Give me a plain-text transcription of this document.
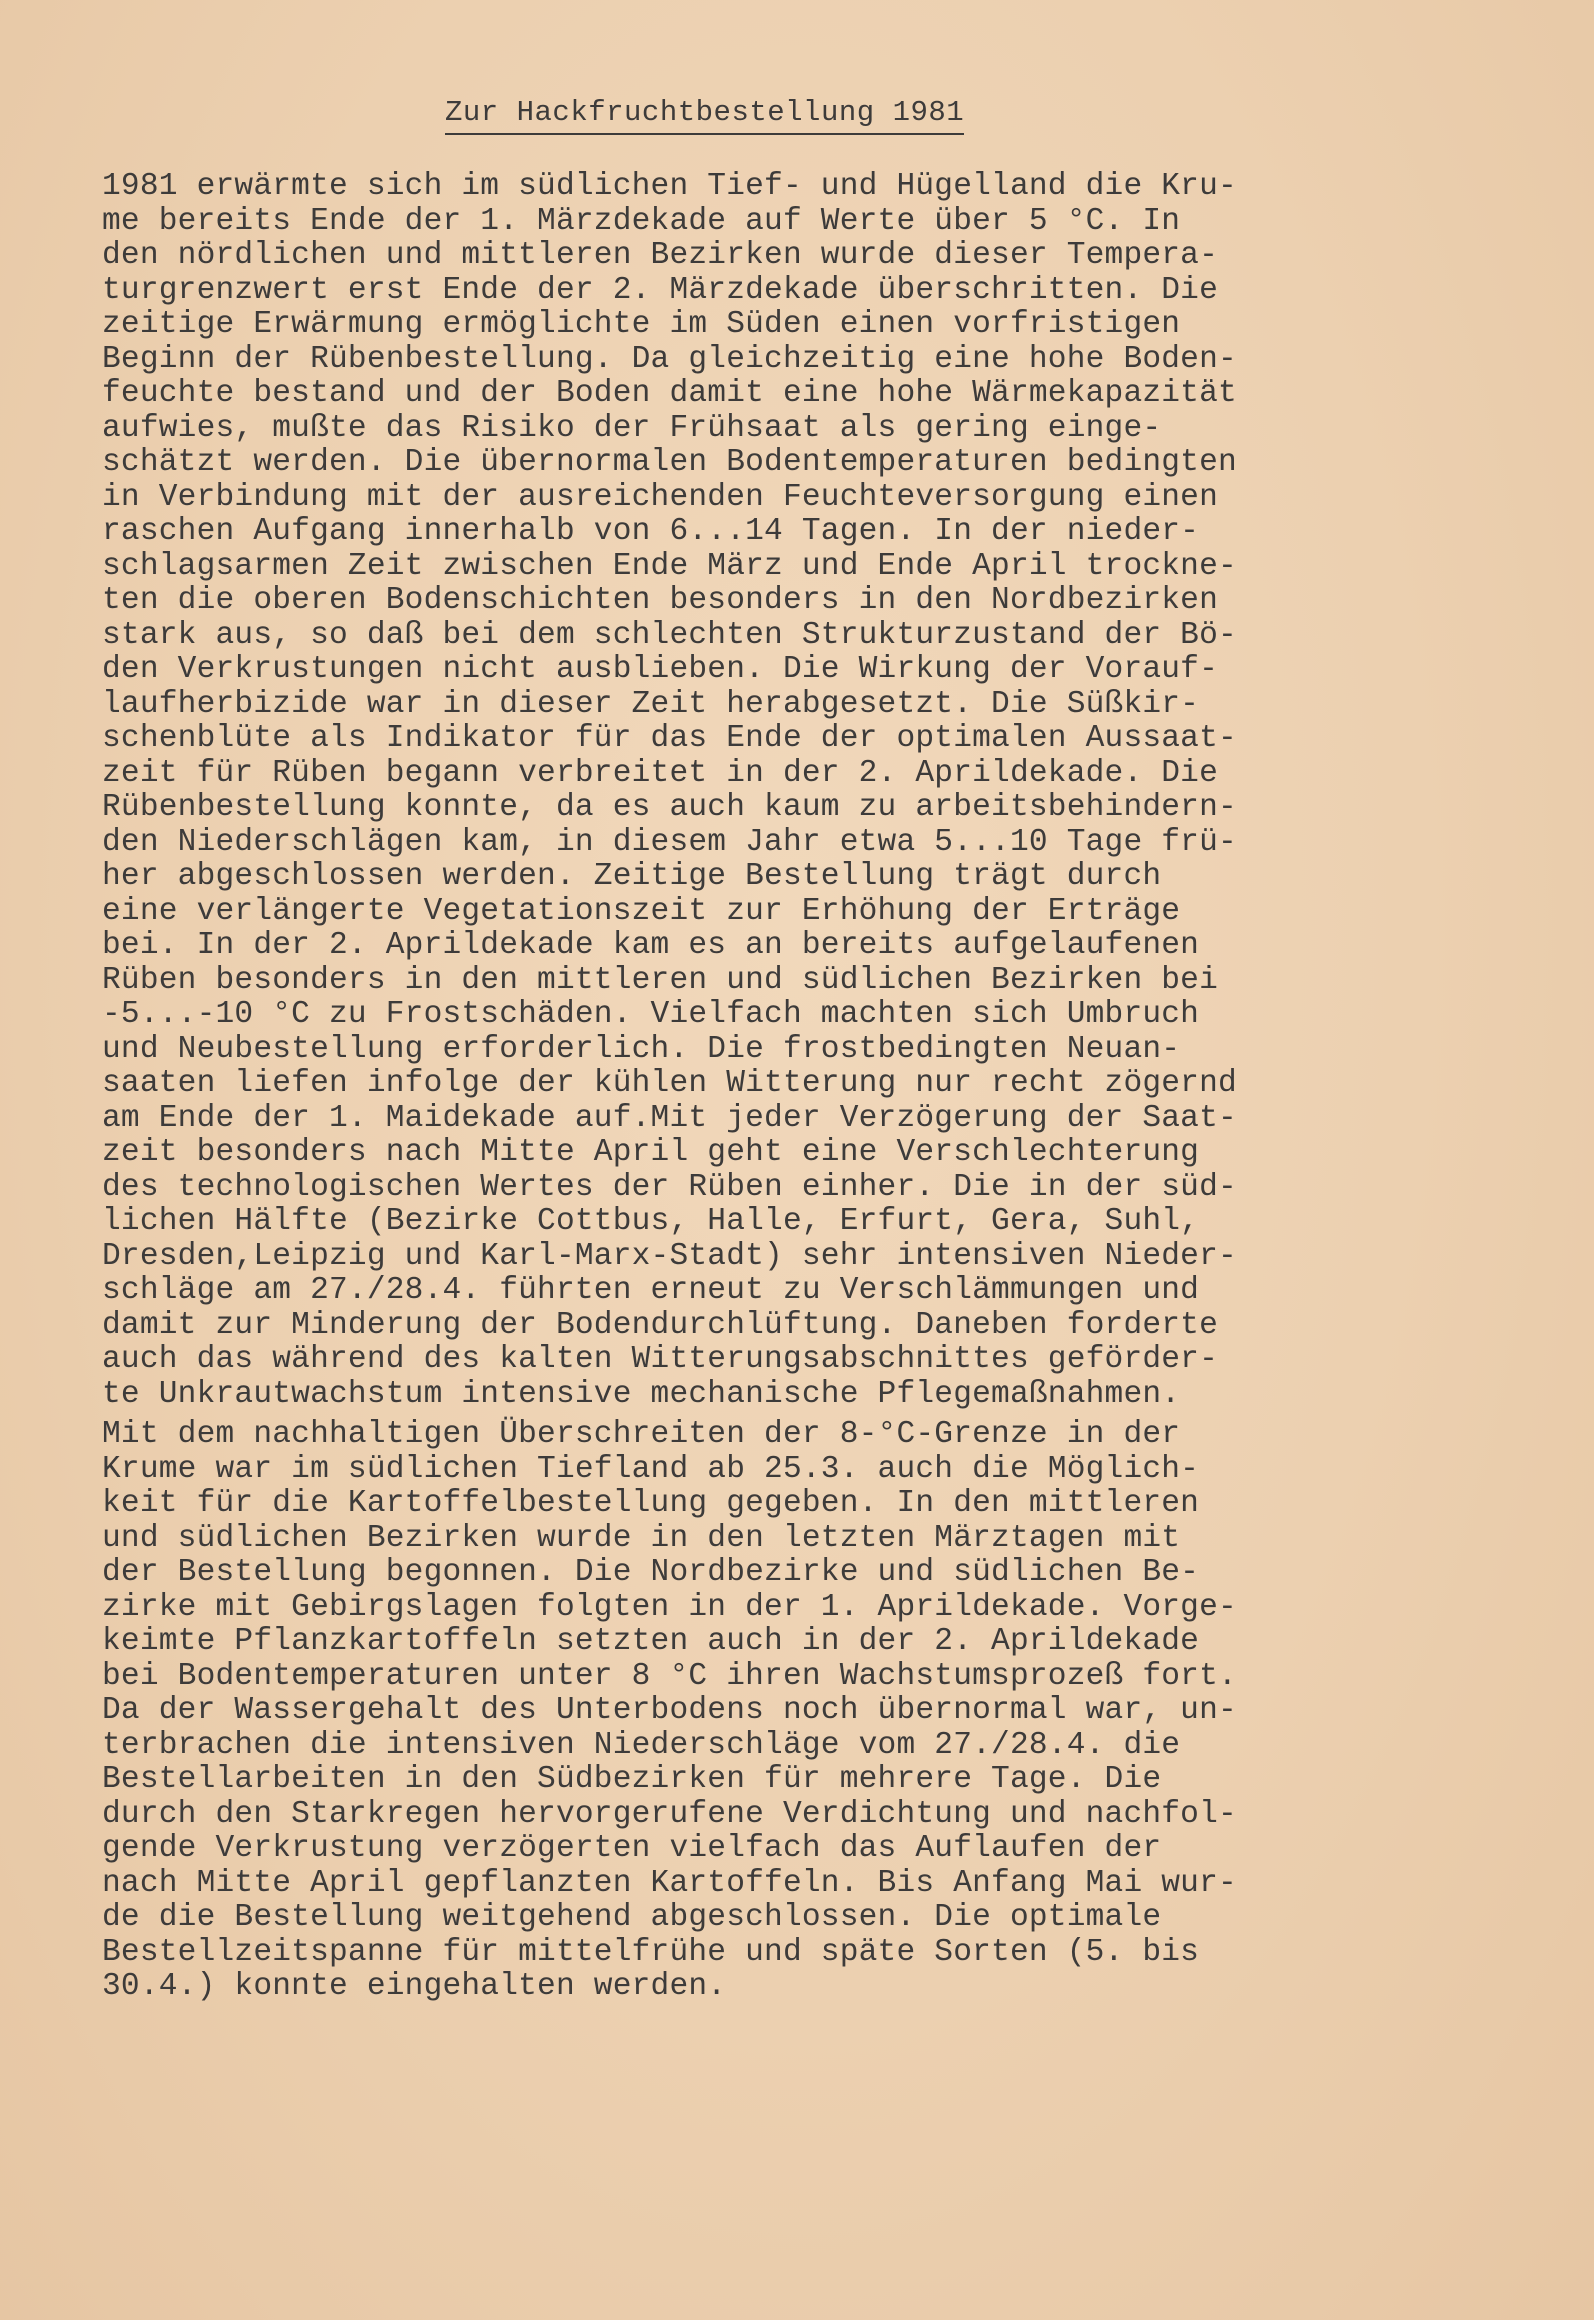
Zur Hackfruchtbestellung 1981
1981 erwärmte sich im südlichen Tief- und Hügelland die Kru-
me bereits Ende der 1. Märzdekade auf Werte über 5 °C. In
den nördlichen und mittleren Bezirken wurde dieser Tempera-
turgrenzwert erst Ende der 2. Märzdekade überschritten. Die
zeitige Erwärmung ermöglichte im Süden einen vorfristigen
Beginn der Rübenbestellung. Da gleichzeitig eine hohe Boden-
feuchte bestand und der Boden damit eine hohe Wärmekapazität
aufwies, mußte das Risiko der Frühsaat als gering einge-
schätzt werden. Die übernormalen Bodentemperaturen bedingten
in Verbindung mit der ausreichenden Feuchteversorgung einen
raschen Aufgang innerhalb von 6...14 Tagen. In der nieder-
schlagsarmen Zeit zwischen Ende März und Ende April trockne-
ten die oberen Bodenschichten besonders in den Nordbezirken
stark aus, so daß bei dem schlechten Strukturzustand der Bö-
den Verkrustungen nicht ausblieben. Die Wirkung der Vorauf-
laufherbizide war in dieser Zeit herabgesetzt. Die Süßkir-
schenblüte als Indikator für das Ende der optimalen Aussaat-
zeit für Rüben begann verbreitet in der 2. Aprildekade. Die
Rübenbestellung konnte, da es auch kaum zu arbeitsbehindern-
den Niederschlägen kam, in diesem Jahr etwa 5...10 Tage frü-
her abgeschlossen werden. Zeitige Bestellung trägt durch
eine verlängerte Vegetationszeit zur Erhöhung der Erträge
bei. In der 2. Aprildekade kam es an bereits aufgelaufenen
Rüben besonders in den mittleren und südlichen Bezirken bei
-5...-10 °C zu Frostschäden. Vielfach machten sich Umbruch
und Neubestellung erforderlich. Die frostbedingten Neuan-
saaten liefen infolge der kühlen Witterung nur recht zögernd
am Ende der 1. Maidekade auf.Mit jeder Verzögerung der Saat-
zeit besonders nach Mitte April geht eine Verschlechterung
des technologischen Wertes der Rüben einher. Die in der süd-
lichen Hälfte (Bezirke Cottbus, Halle, Erfurt, Gera, Suhl,
Dresden,Leipzig und Karl-Marx-Stadt) sehr intensiven Nieder-
schläge am 27./28.4. führten erneut zu Verschlämmungen und
damit zur Minderung der Bodendurchlüftung. Daneben forderte
auch das während des kalten Witterungsabschnittes geförder-
te Unkrautwachstum intensive mechanische Pflegemaßnahmen.
Mit dem nachhaltigen Überschreiten der 8-°C-Grenze in der
Krume war im südlichen Tiefland ab 25.3. auch die Möglich-
keit für die Kartoffelbestellung gegeben. In den mittleren
und südlichen Bezirken wurde in den letzten Märztagen mit
der Bestellung begonnen. Die Nordbezirke und südlichen Be-
zirke mit Gebirgslagen folgten in der 1. Aprildekade. Vorge-
keimte Pflanzkartoffeln setzten auch in der 2. Aprildekade
bei Bodentemperaturen unter 8 °C ihren Wachstumsprozeß fort.
Da der Wassergehalt des Unterbodens noch übernormal war, un-
terbrachen die intensiven Niederschläge vom 27./28.4. die
Bestellarbeiten in den Südbezirken für mehrere Tage. Die
durch den Starkregen hervorgerufene Verdichtung und nachfol-
gende Verkrustung verzögerten vielfach das Auflaufen der
nach Mitte April gepflanzten Kartoffeln. Bis Anfang Mai wur-
de die Bestellung weitgehend abgeschlossen. Die optimale
Bestellzeitspanne für mittelfrühe und späte Sorten (5. bis
30.4.) konnte eingehalten werden.
